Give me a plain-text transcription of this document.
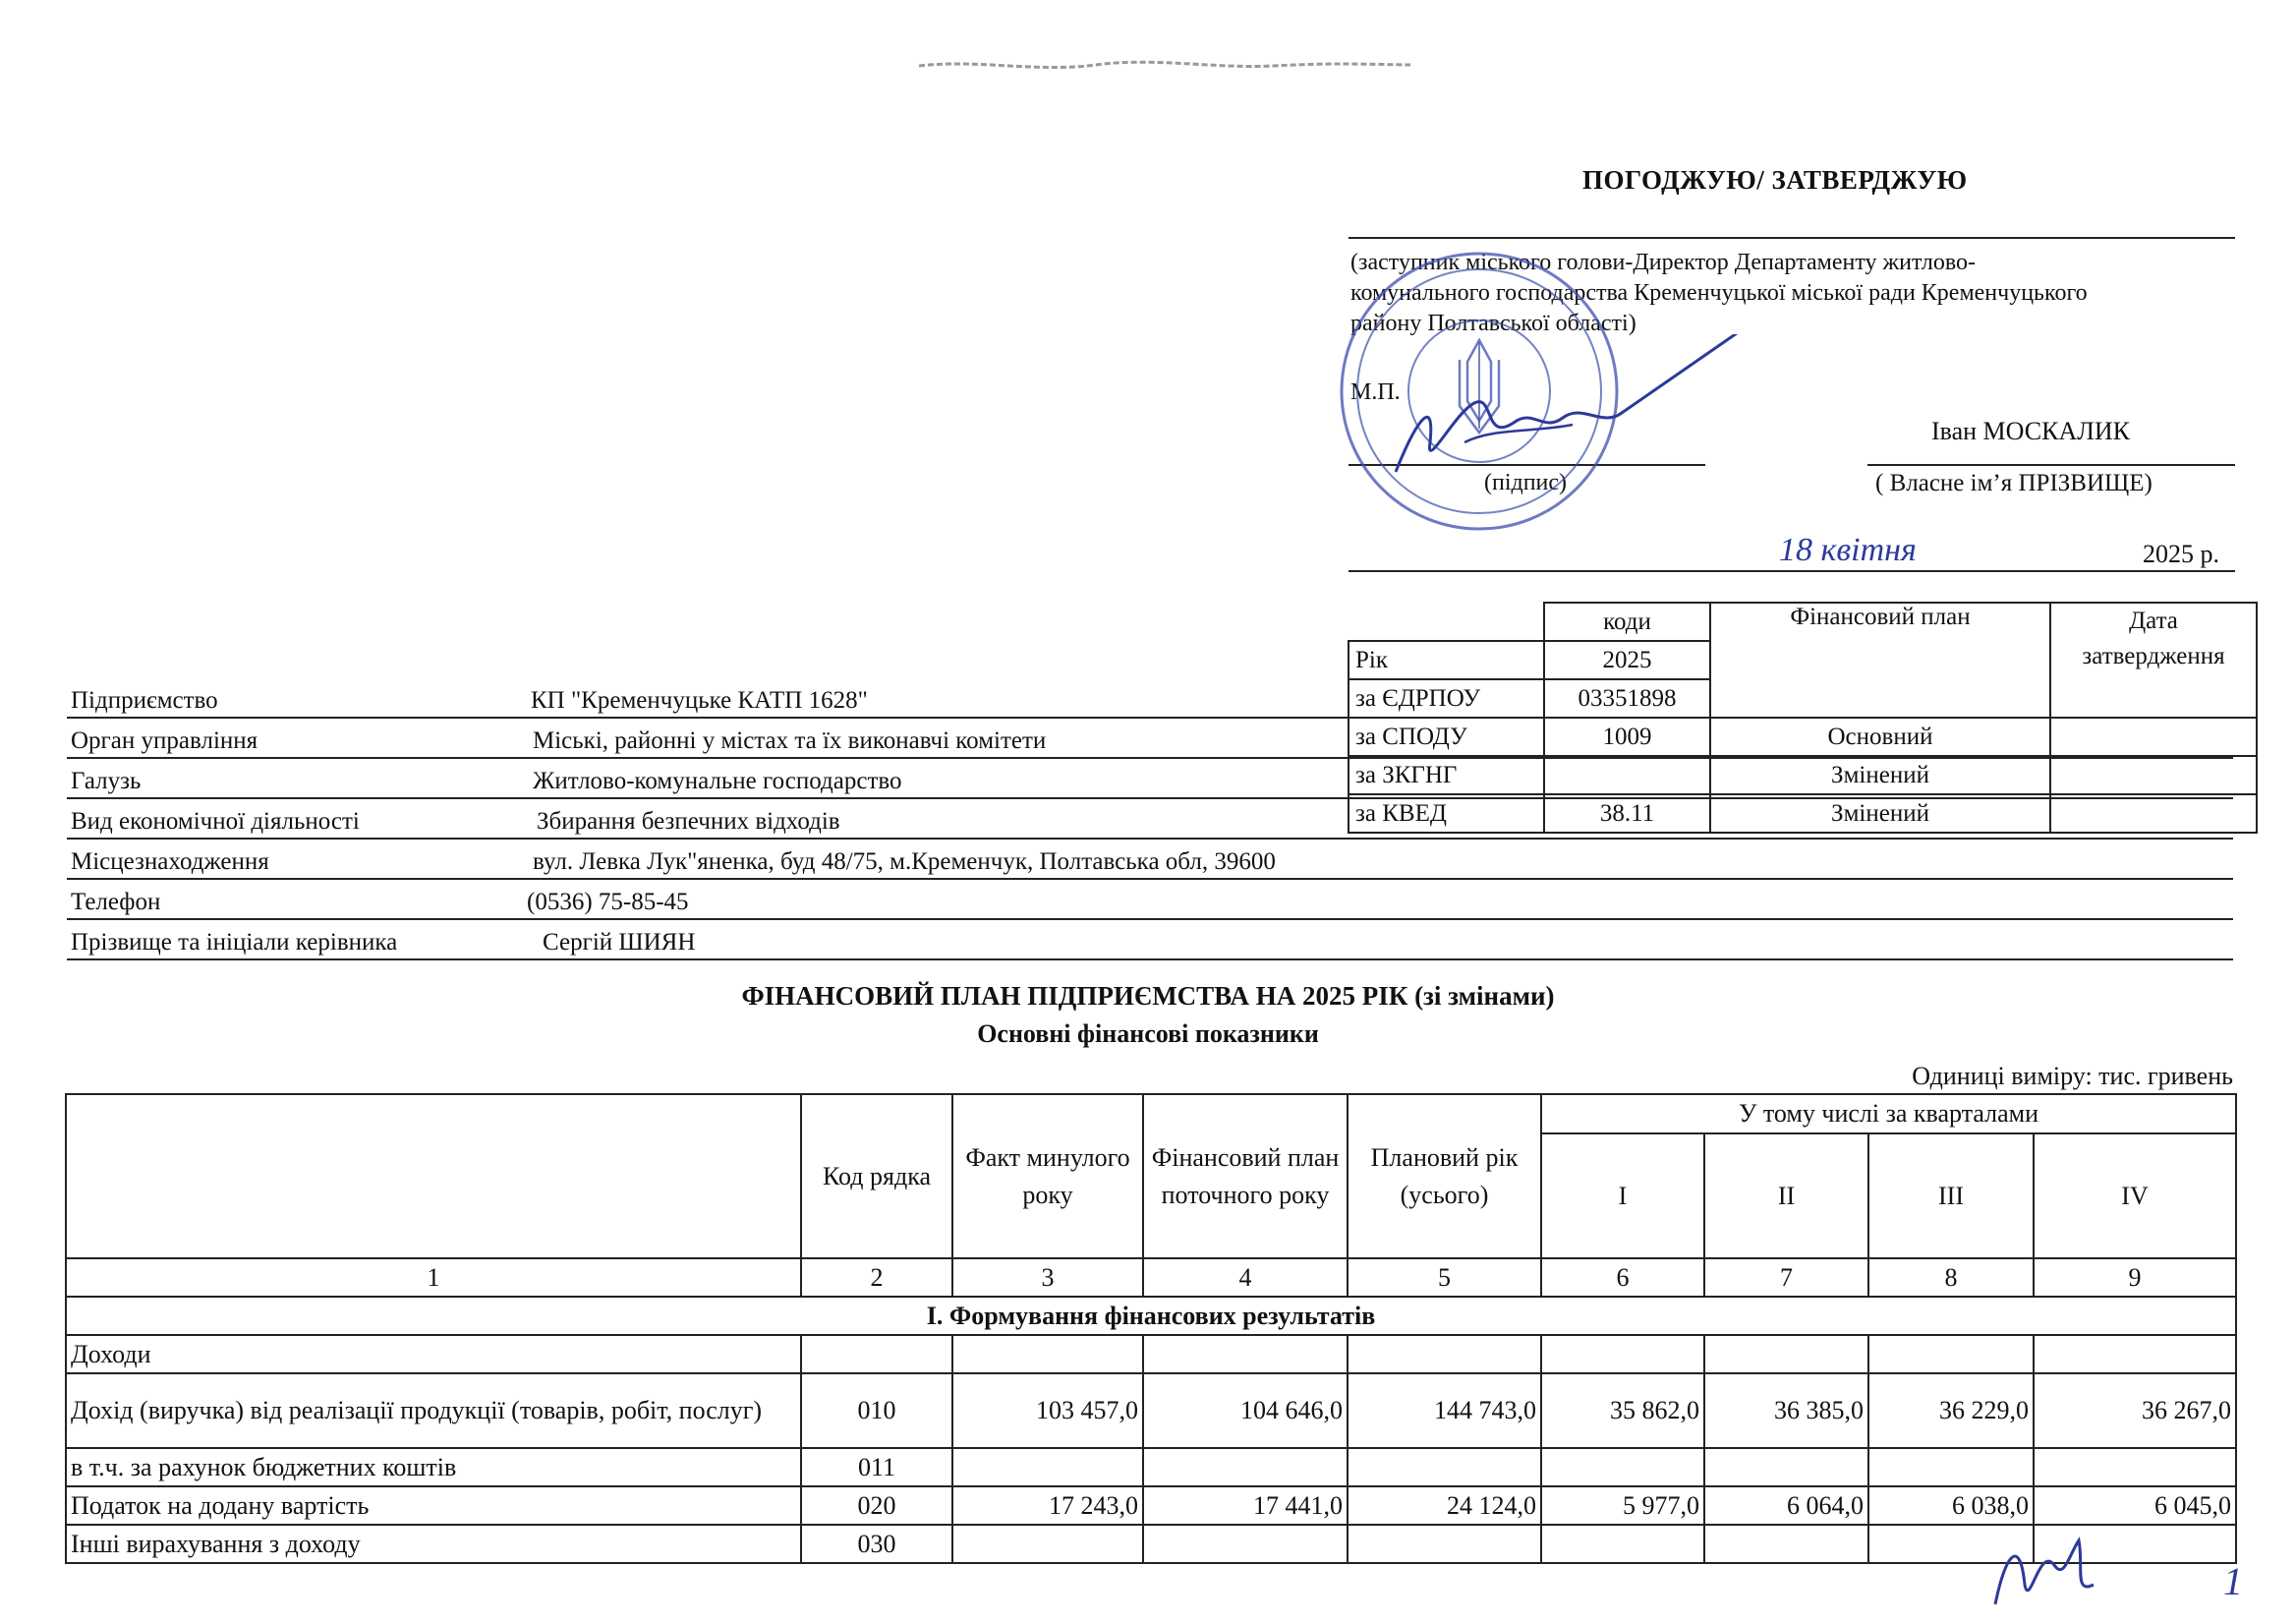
ПОГОДЖУЮ/ ЗАТВЕРДЖУЮ
(заступник міського голови-Директор Департаменту житлово-
комунального господарства Кременчуцької міської ради Кременчуцького
району Полтавської області)
М.П.
Іван МОСКАЛИК
(підпис)	( Власне ім’я ПРІЗВИЩЕ)
18 квітня	2025 р.
	коди	Фінансовий план	Дата затвердження
Рік	2025		
за ЄДРПОУ	03351898		
за СПОДУ	1009	Основний	
за ЗКГНГ		Змінений	
за КВЕД	38.11	Змінений	
Підприємство	КП "Кременчуцьке КАТП 1628"
Орган управління	Міські, районні у містах та їх виконавчі комітети
Галузь	Житлово-комунальне господарство
Вид економічної діяльності	Збирання безпечних відходів
Місцезнаходження	вул. Левка Лук"яненка, буд 48/75, м.Кременчук, Полтавська обл, 39600
Телефон	(0536) 75-85-45
Прізвище та ініціали керівника	Сергій ШИЯН
ФІНАНСОВИЙ ПЛАН ПІДПРИЄМСТВА НА 2025 РІК (зі змінами)
Основні фінансові показники
Одиниці виміру: тис. гривень
	Код рядка	Факт минулого року	Фінансовий план поточного року	Плановий рік (усього)	У тому числі за кварталами			
					I	II	III	IV
1	2	3	4	5	6	7	8	9
І. Формування фінансових результатів								
Доходи								
Дохід (виручка) від реалізації продукції (товарів, робіт, послуг)	010	103 457,0	104 646,0	144 743,0	35 862,0	36 385,0	36 229,0	36 267,0
в т.ч. за рахунок бюджетних коштів	011							
Податок на додану вартість	020	17 243,0	17 441,0	24 124,0	5 977,0	6 064,0	6 038,0	6 045,0
Інші вирахування з доходу	030							
1
